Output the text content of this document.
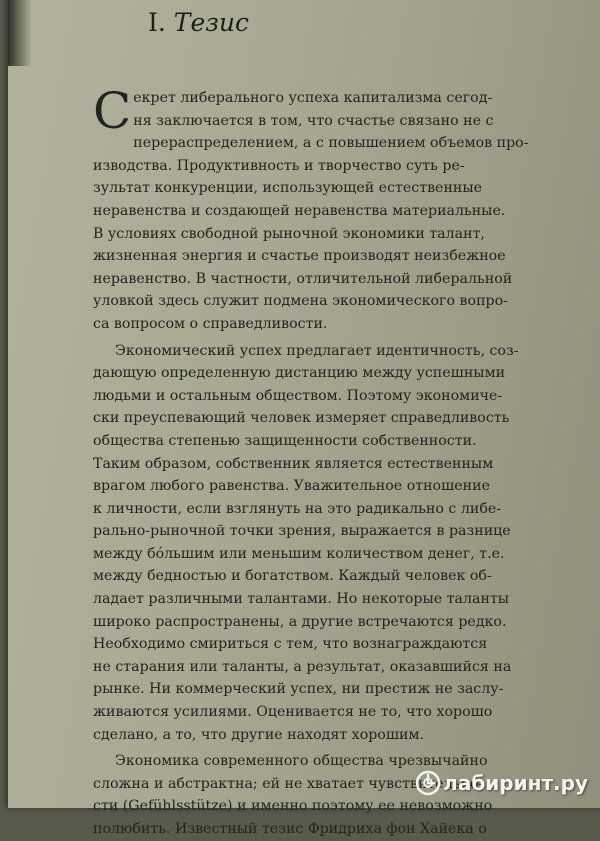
I. Тезис

С екрет либерального успеха капитализма сегод-
ня заключается в том, что счастье связано не с
перераспределением, а с повышением объемов про-
изводства. Продуктивность и творчество суть ре-
зультат конкуренции, использующей естественные
неравенства и создающей неравенства материальные.
В условиях свободной рыночной экономики талант,
жизненная энергия и счастье производят неизбежное
неравенство. В частности, отличительной либеральной
уловкой здесь служит подмена экономического вопро-
са вопросом о справедливости.

Экономический успех предлагает идентичность, соз-
дающую определенную дистанцию между успешными
людьми и остальным обществом. Поэтому экономиче-
ски преуспевающий человек измеряет справедливость
общества степенью защищенности собственности.
Таким образом, собственник является естественным
врагом любого равенства. Уважительное отношение
к личности, если взглянуть на это радикально с либе-
рально-рыночной точки зрения, выражается в разнице
между бóльшим или меньшим количеством денег, т.е.
между бедностью и богатством. Каждый человек об-
ладает различными талантами. Но некоторые таланты
широко распространены, а другие встречаются редко.
Необходимо смириться с тем, что вознаграждаются
не старания или таланты, а результат, оказавшийся на
рынке. Ни коммерческий успех, ни престиж не заслу-
живаются усилиями. Оценивается не то, что хорошо
сделано, а то, что другие находят хорошим.

Экономика современного общества чрезвычайно
сложна и абстрактна; ей не хватает чувствительно-
сти (Gefühlsstütze) и именно поэтому ее невозможно
полюбить. Известный тезис Фридриха фон Хайека о

лабиринт.ру
